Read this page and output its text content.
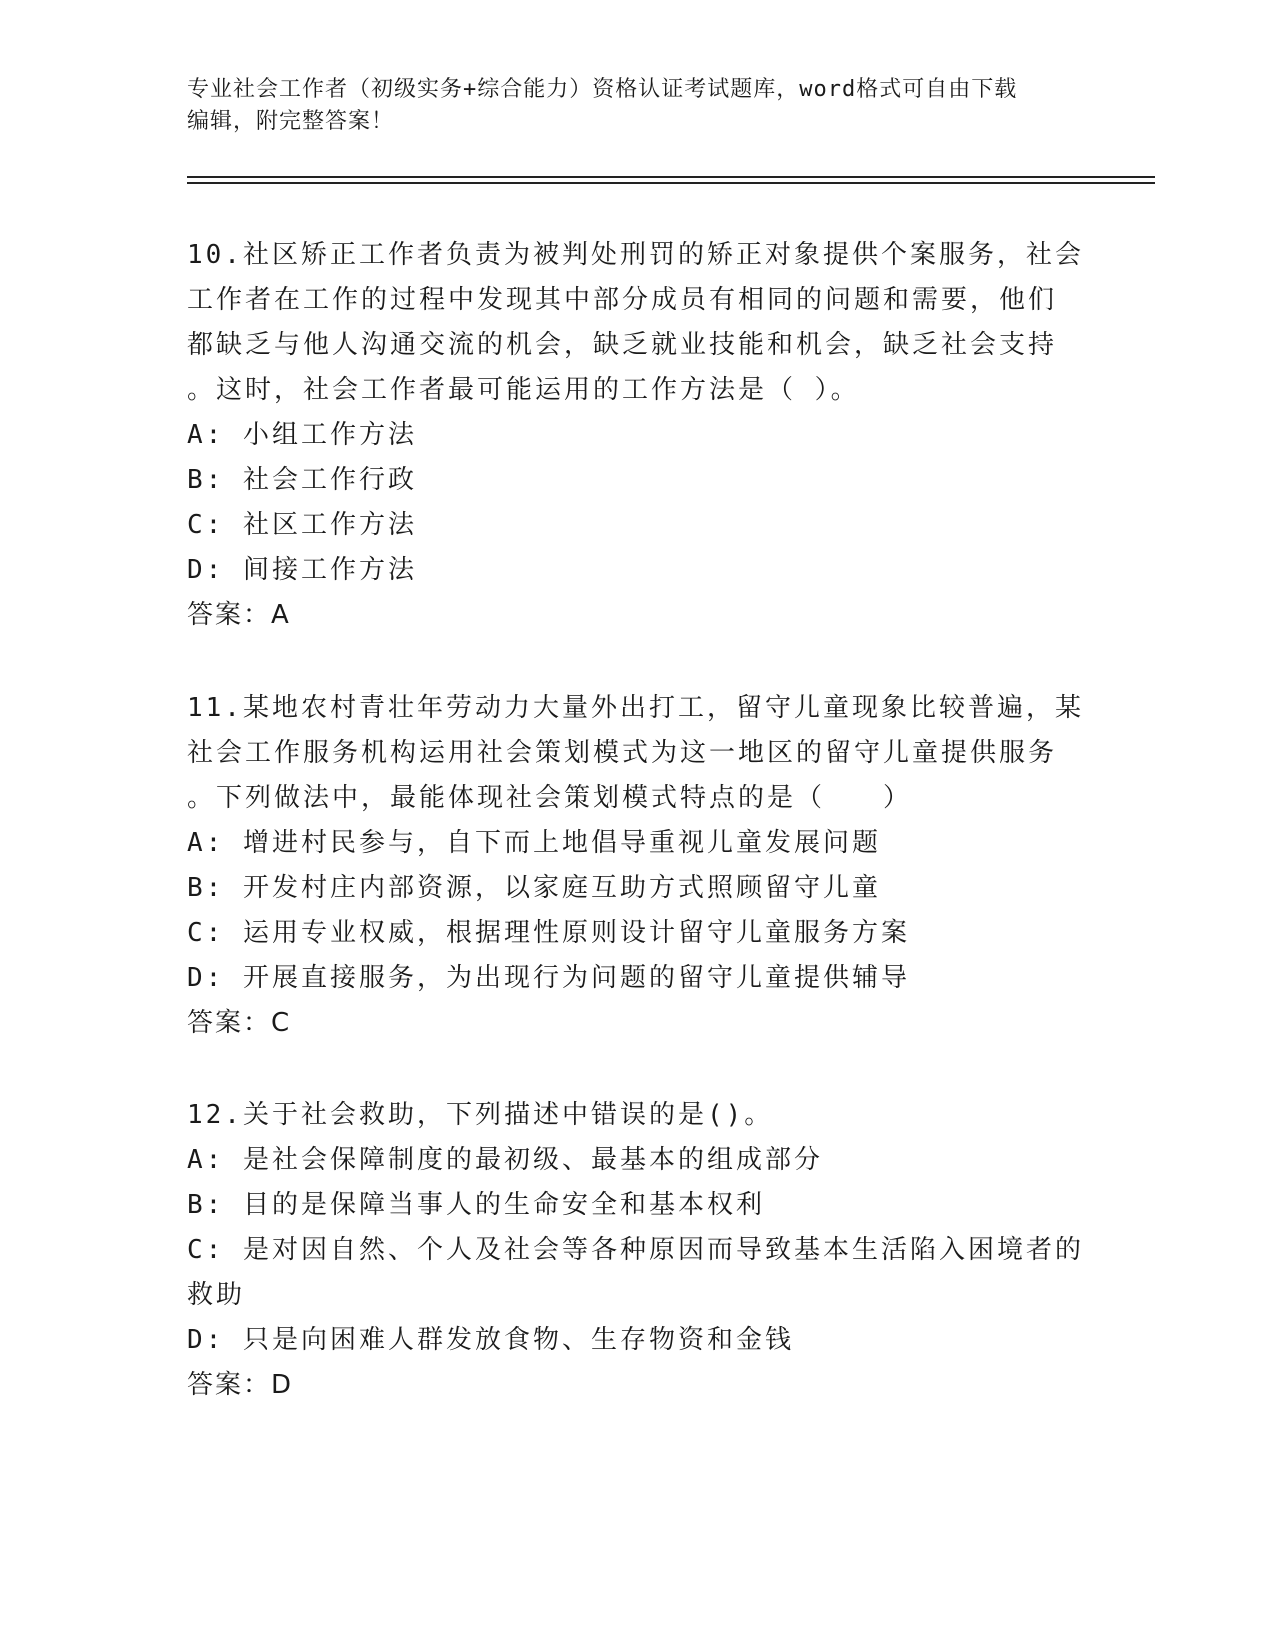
专业社会工作者（初级实务+综合能力）资格认证考试题库，word格式可自由下载
编辑，附完整答案！
10.社区矫正工作者负责为被判处刑罚的矫正对象提供个案服务，社会
工作者在工作的过程中发现其中部分成员有相同的问题和需要，他们
都缺乏与他人沟通交流的机会，缺乏就业技能和机会，缺乏社会支持
。这时，社会工作者最可能运用的工作方法是（ ）。
A: 小组工作方法
B: 社会工作行政
C: 社区工作方法
D: 间接工作方法
答案：A
11.某地农村青壮年劳动力大量外出打工，留守儿童现象比较普遍，某
社会工作服务机构运用社会策划模式为这一地区的留守儿童提供服务
。下列做法中，最能体现社会策划模式特点的是（　　）
A: 增进村民参与，自下而上地倡导重视儿童发展问题
B: 开发村庄内部资源，以家庭互助方式照顾留守儿童
C: 运用专业权威，根据理性原则设计留守儿童服务方案
D: 开展直接服务，为出现行为问题的留守儿童提供辅导
答案：C
12.关于社会救助，下列描述中错误的是()。
A: 是社会保障制度的最初级、最基本的组成部分
B: 目的是保障当事人的生命安全和基本权利
C: 是对因自然、个人及社会等各种原因而导致基本生活陷入困境者的
救助
D: 只是向困难人群发放食物、生存物资和金钱
答案：D
